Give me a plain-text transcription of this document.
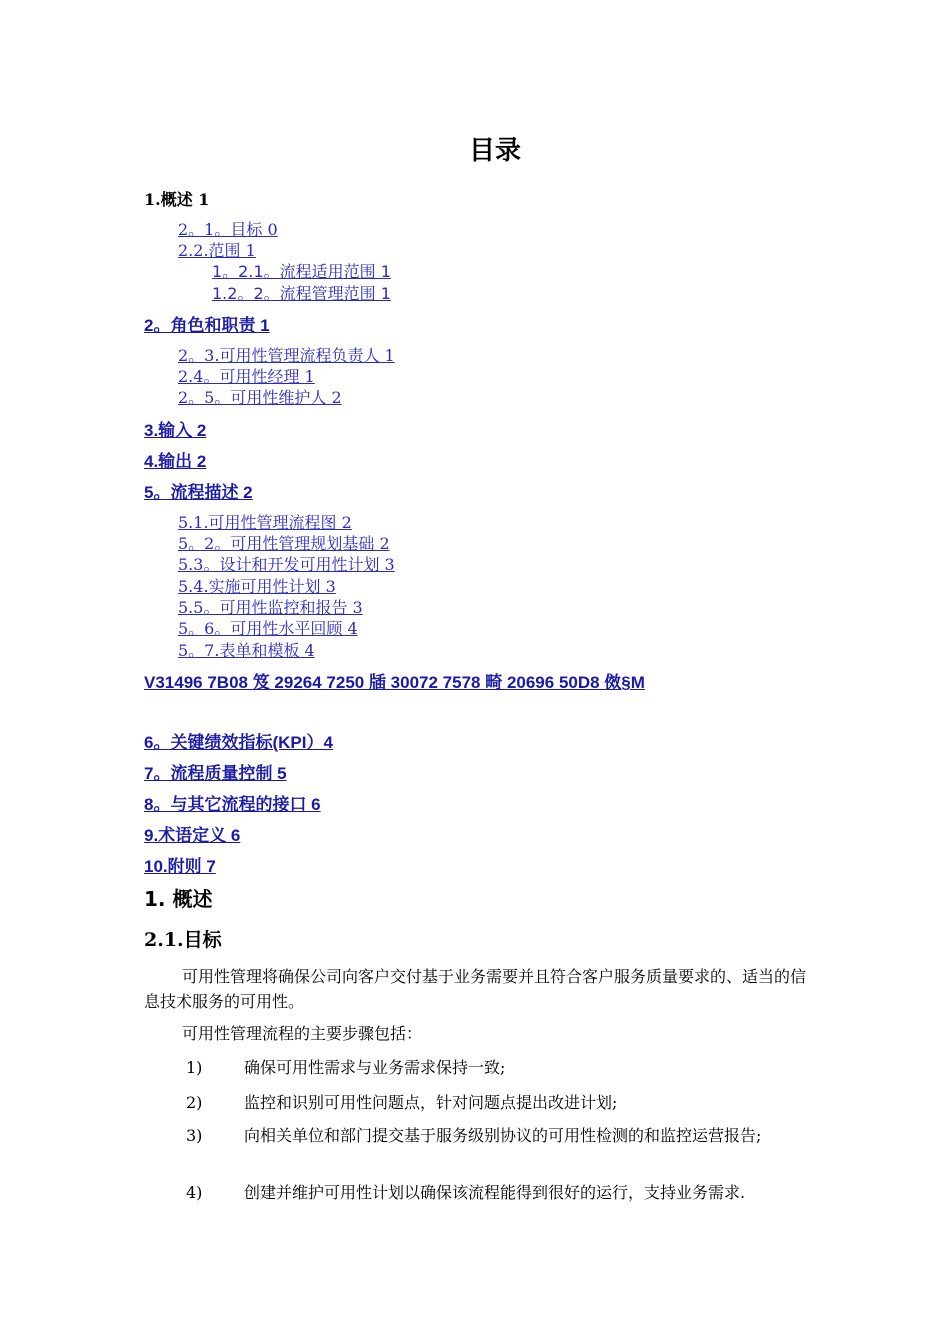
目录
1.概述 1
2。1。目标 0
2.2.范围 1
1。2.1。流程适用范围 1
1.2。2。流程管理范围 1
2。角色和职责 1
2。3.可用性管理流程负责人 1
2.4。可用性经理 1
2。5。可用性维护人 2
3.输入 2
4.输出 2
5。流程描述 2
5.1.可用性管理流程图 2
5。2。可用性管理规划基础 2
5.3。设计和开发可用性计划 3
5.4.实施可用性计划 3
5.5。可用性监控和报告 3
5。6。可用性水平回顾 4
5。7.表单和模板 4
V31496 7B08 笈 29264 7250 牐 30072 7578 畸 20696 50D8 傚§M
6。关键绩效指标(KPI）4
7。流程质量控制 5
8。与其它流程的接口 6
9.术语定义 6
10.附则 7
1. 概述
2.1.目标
可用性管理将确保公司向客户交付基于业务需要并且符合客户服务质量要求的、适当的信息技术服务的可用性。
可用性管理流程的主要步骤包括：
1)	确保可用性需求与业务需求保持一致;
2)	监控和识别可用性问题点，针对问题点提出改进计划;
3)	向相关单位和部门提交基于服务级别协议的可用性检测的和监控运营报告;
4)	创建并维护可用性计划以确保该流程能得到很好的运行，支持业务需求.
